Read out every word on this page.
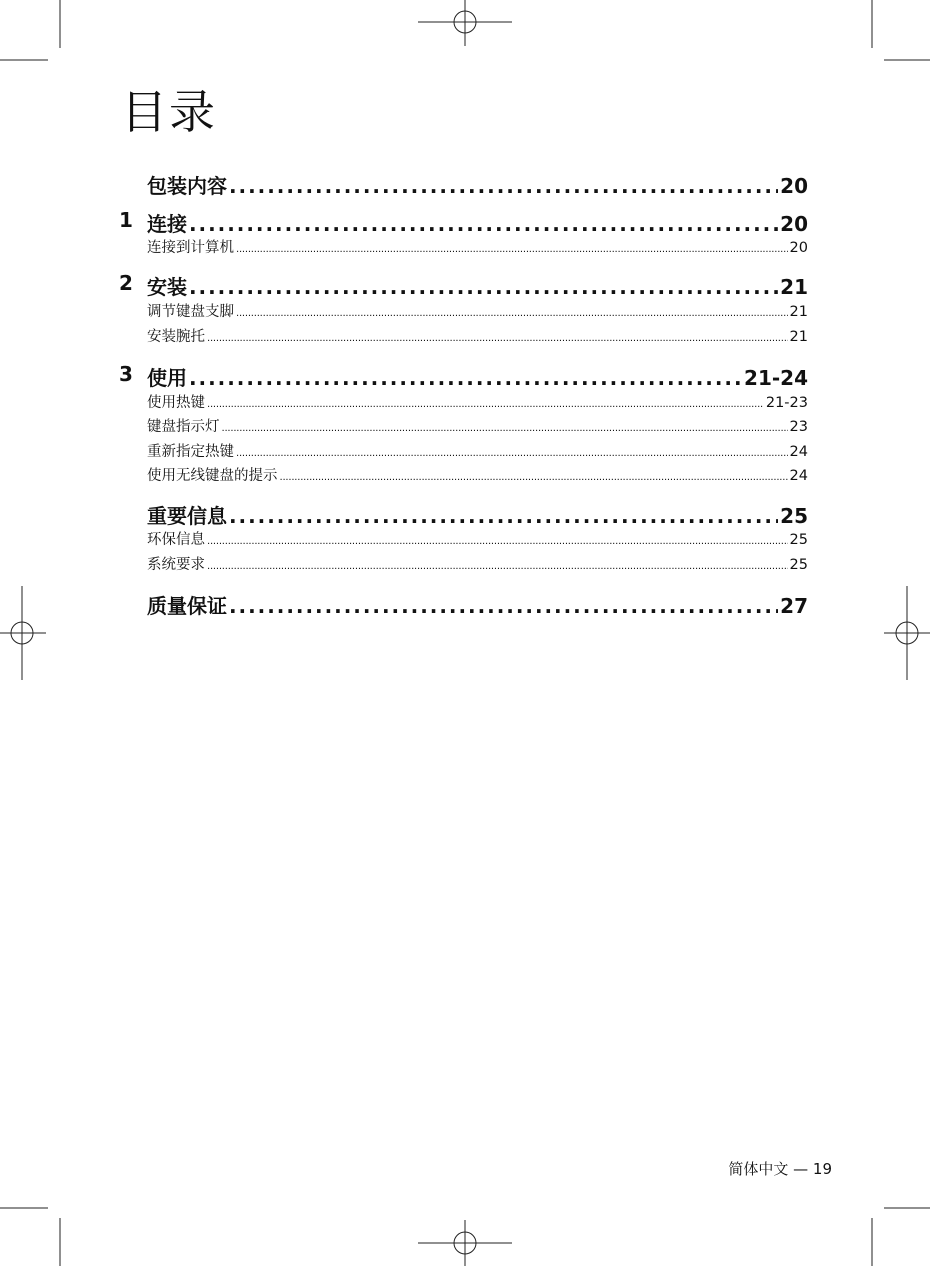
目录
包装内容 . . .	20
1 连接 . . .	20
连接到计算机 . . .	20
2 安装 . . .	21
调节键盘支脚 . . .	21
安装腕托 . . .	21
3 使用 . . .	21-24
使用热键 . . .	21-23
键盘指示灯 . . .	23
重新指定热键 . . .	24
使用无线键盘的提示 . . .	24
重要信息 . . .	25
环保信息 . . .	25
系统要求 . . .	25
质量保证 . . .	27
简体中文 — 19
